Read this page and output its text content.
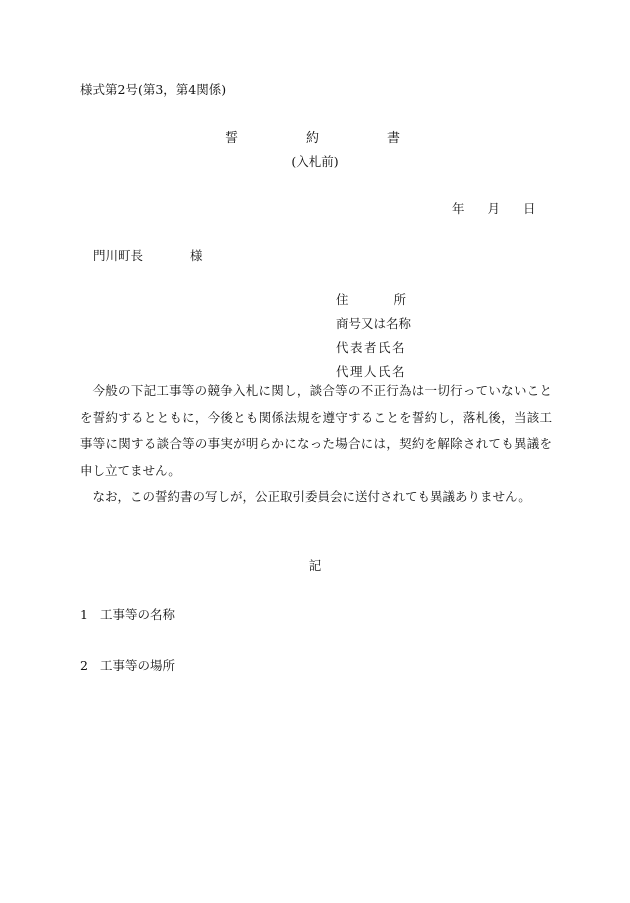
様式第2号(第3，第4関係)
誓	約	書
(入札前)
年 月 日
門川町長	様
住	所
商号又は名称
代表者氏名
代理人氏名

今般の下記工事等の競争入札に関し，談合等の不正行為は一切行っていないことを誓約するとともに，今後とも関係法規を遵守することを誓約し，落札後，当該工事等に関する談合等の事実が明らかになった場合には，契約を解除されても異議を申し立てません。

なお，この誓約書の写しが，公正取引委員会に送付されても異議ありません。

記
1 工事等の名称
2 工事等の場所
